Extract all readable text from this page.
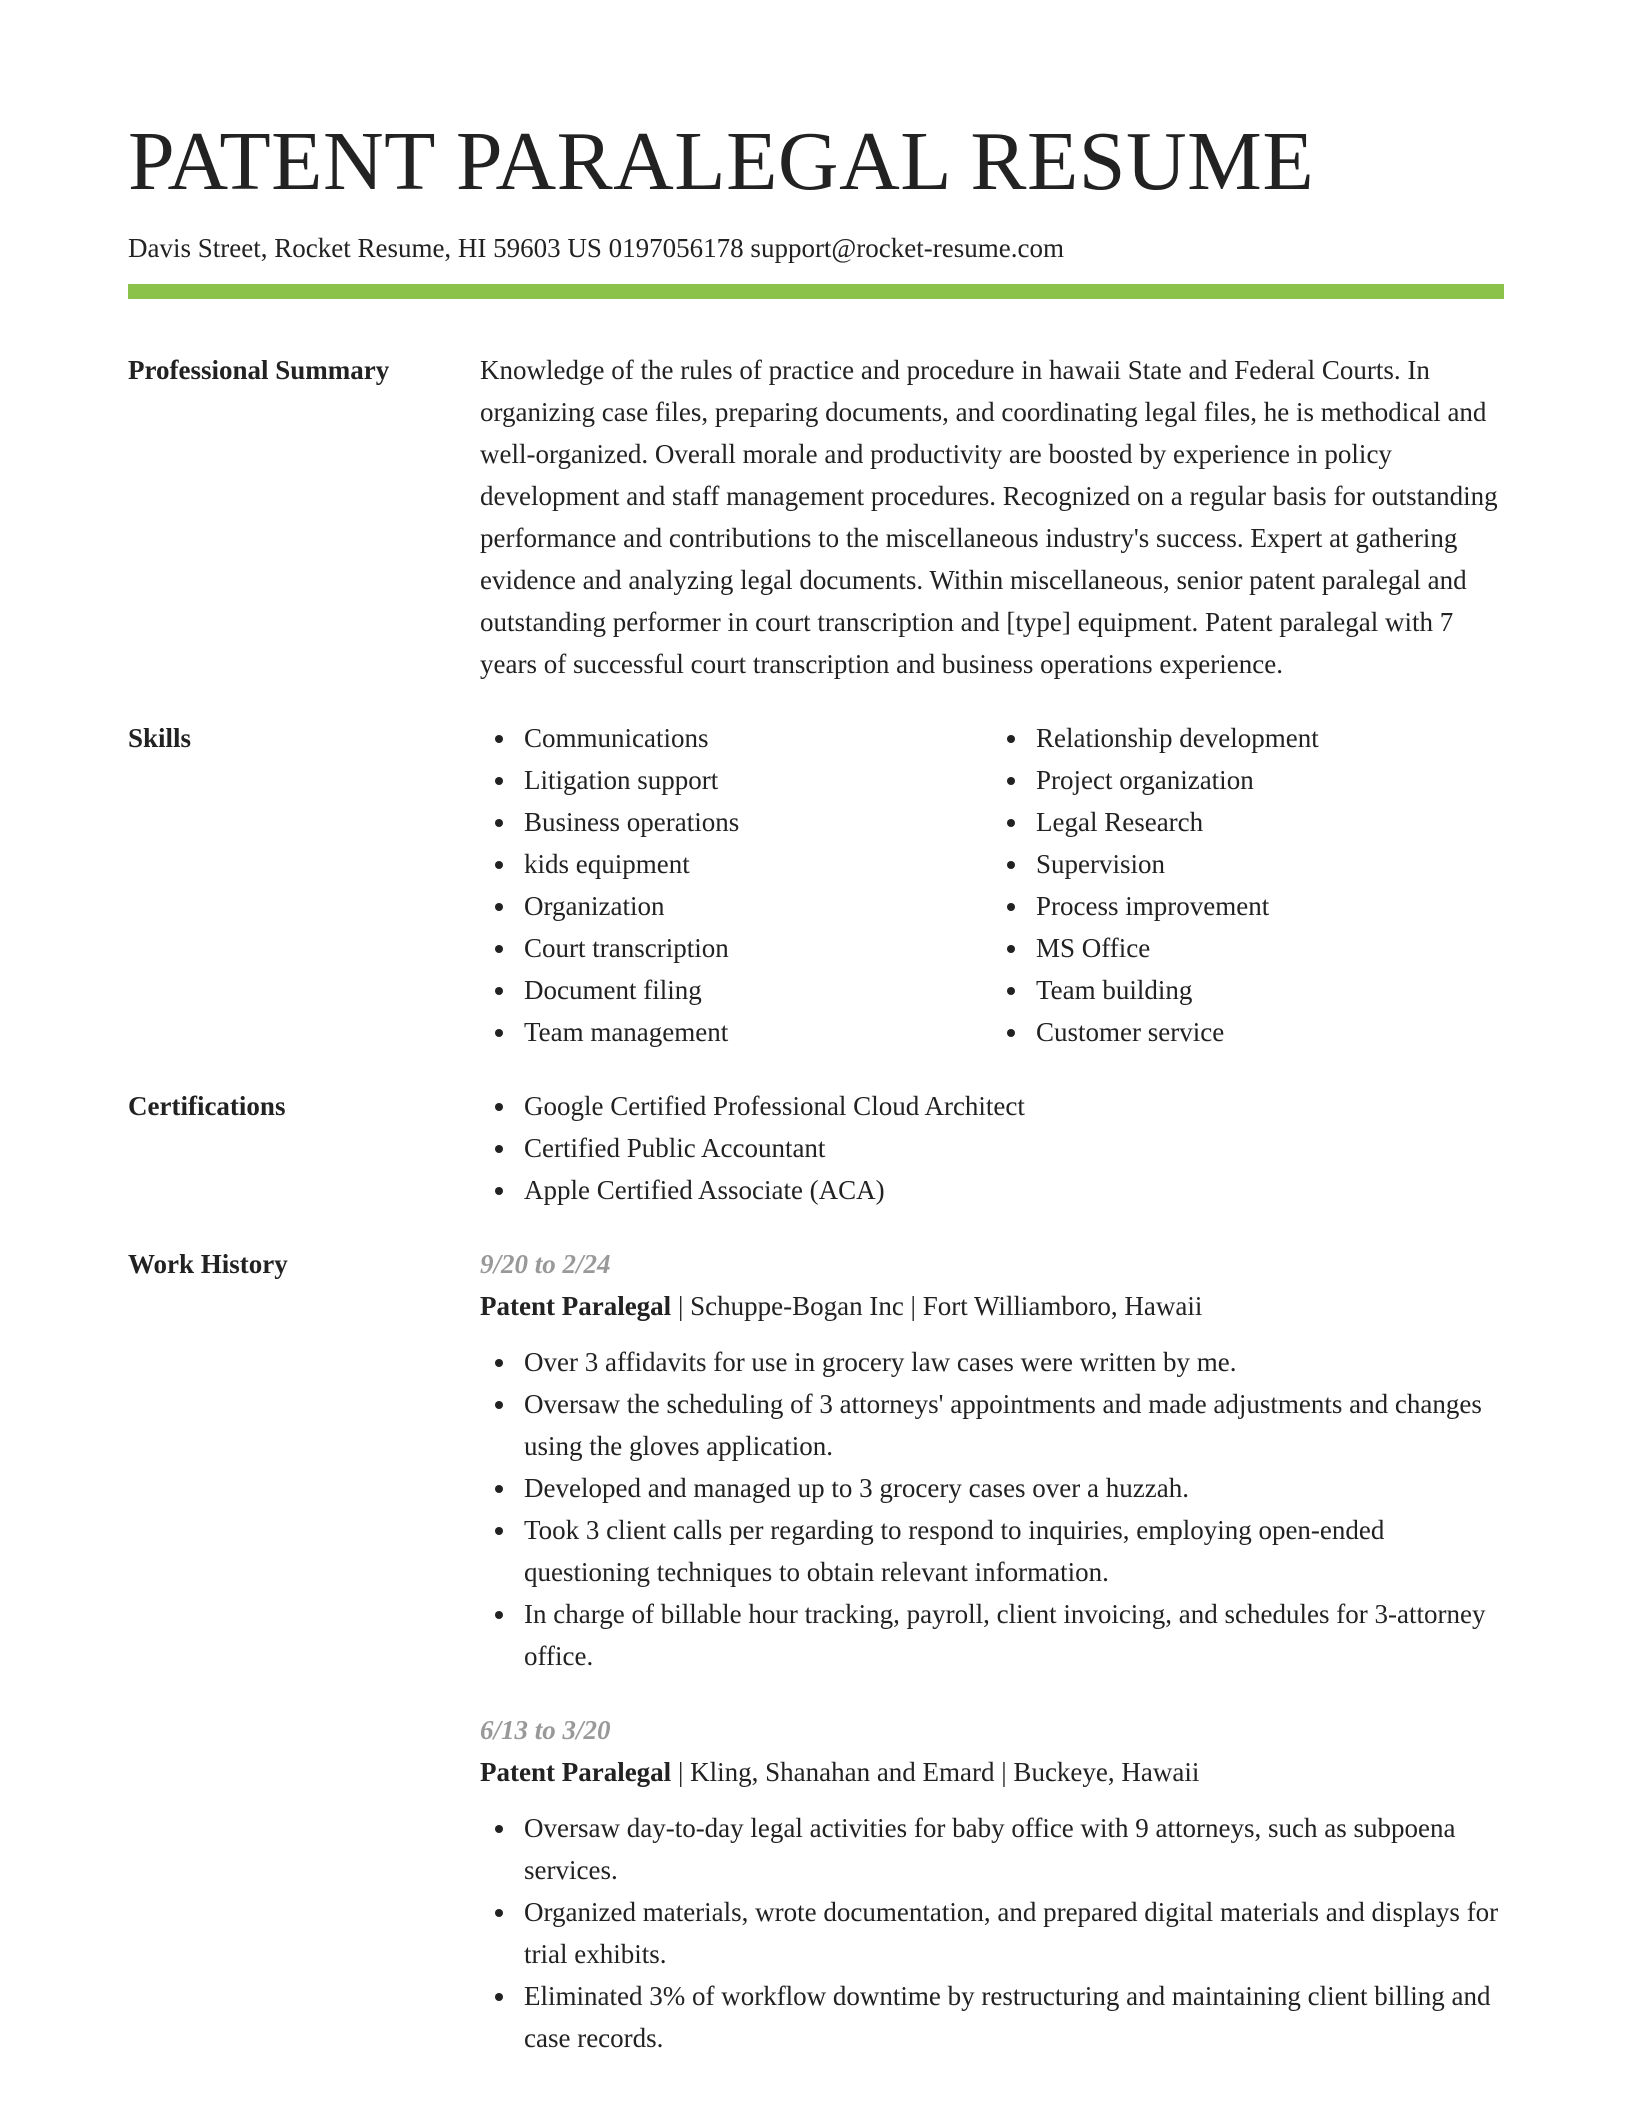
PATENT PARALEGAL RESUME
Davis Street, Rocket Resume, HI 59603 US 0197056178 support@rocket-resume.com
Professional Summary	Knowledge of the rules of practice and procedure in hawaii State and Federal Courts. In organizing case files, preparing documents, and coordinating legal files, he is methodical and well-organized. Overall morale and productivity are boosted by experience in policy development and staff management procedures. Recognized on a regular basis for outstanding performance and contributions to the miscellaneous industry's success. Expert at gathering evidence and analyzing legal documents. Within miscellaneous, senior patent paralegal and outstanding performer in court transcription and [type] equipment. Patent paralegal with 7 years of successful court transcription and business operations experience.

Skills	Communications
Litigation support
Business operations
kids equipment
Organization
Court transcription
Document filing
Team management
Relationship development
Project organization
Legal Research
Supervision
Process improvement
MS Office
Team building
Customer service
Certifications	Google Certified Professional Cloud Architect
Certified Public Accountant
Apple Certified Associate (ACA)
Work History	9/20 to 2/24
Patent Paralegal | Schuppe-Bogan Inc | Fort Williamboro, Hawaii
Over 3 affidavits for use in grocery law cases were written by me.
Oversaw the scheduling of 3 attorneys' appointments and made adjustments and changes using the gloves application.
Developed and managed up to 3 grocery cases over a huzzah.
Took 3 client calls per regarding to respond to inquiries, employing open-ended questioning techniques to obtain relevant information.
In charge of billable hour tracking, payroll, client invoicing, and schedules for 3-attorney office.
6/13 to 3/20
Patent Paralegal | Kling, Shanahan and Emard | Buckeye, Hawaii
Oversaw day-to-day legal activities for baby office with 9 attorneys, such as subpoena services.
Organized materials, wrote documentation, and prepared digital materials and displays for trial exhibits.
Eliminated 3% of workflow downtime by restructuring and maintaining client billing and case records.
